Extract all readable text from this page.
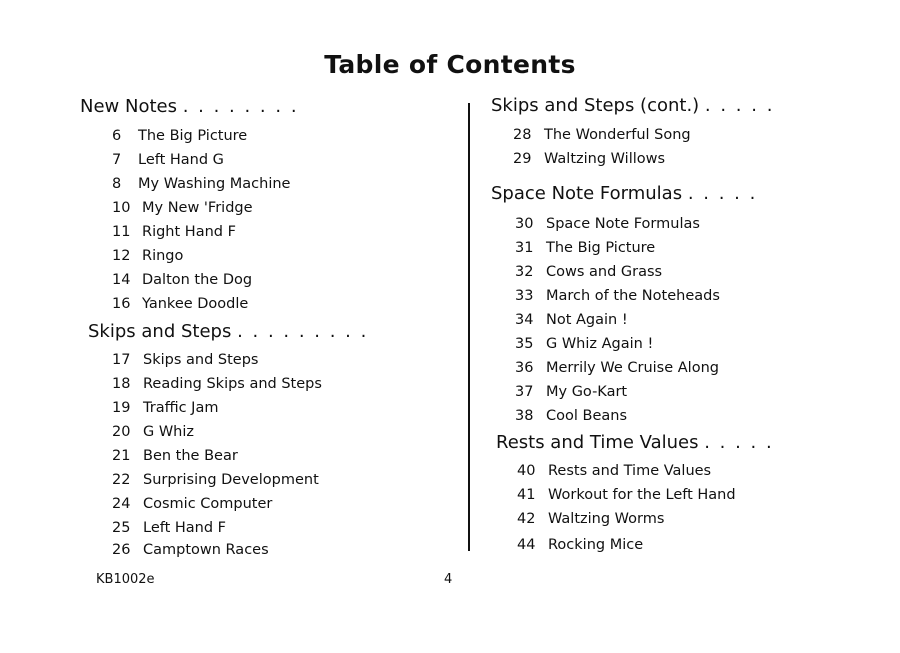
Table of Contents
New Notes . . . . . . . .
6 The Big Picture
7 Left Hand G
8 My Washing Machine
10 My New 'Fridge
11 Right Hand F
12 Ringo
14 Dalton the Dog
16 Yankee Doodle
Skips and Steps . . . . . . . . .
17 Skips and Steps
18 Reading Skips and Steps
19 Traffic Jam
20 G Whiz
21 Ben the Bear
22 Surprising Development
24 Cosmic Computer
25 Left Hand F
26 Camptown Races
Skips and Steps (cont.) . . . . .
28 The Wonderful Song
29 Waltzing Willows
Space Note Formulas . . . . .
30 Space Note Formulas
31 The Big Picture
32 Cows and Grass
33 March of the Noteheads
34 Not Again !
35 G Whiz Again !
36 Merrily We Cruise Along
37 My Go-Kart
38 Cool Beans
Rests and Time Values . . . . .
40 Rests and Time Values
41 Workout for the Left Hand
42 Waltzing Worms
44 Rocking Mice
KB1002e	4
